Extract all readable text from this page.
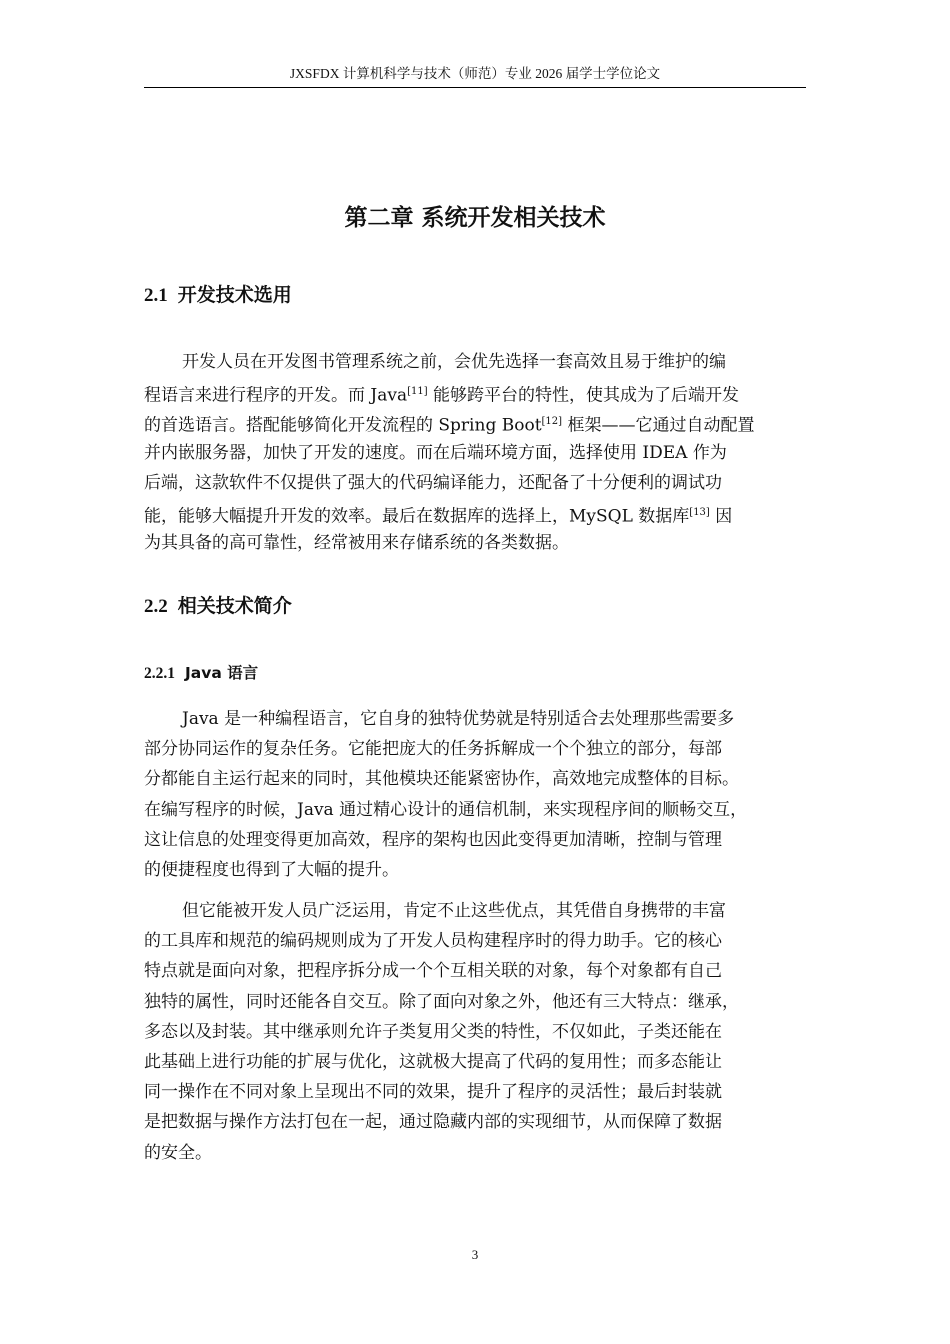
JXSFDX 计算机科学与技术（师范）专业 2026 届学士学位论文
第二章 系统开发相关技术
2.1 开发技术选用
开发人员在开发图书管理系统之前，会优先选择一套高效且易于维护的编
程语言来进行程序的开发。而 Java[11] 能够跨平台的特性，使其成为了后端开发
的首选语言。搭配能够简化开发流程的 Spring Boot[12] 框架——它通过自动配置
并内嵌服务器，加快了开发的速度。而在后端环境方面，选择使用 IDEA 作为
后端，这款软件不仅提供了强大的代码编译能力，还配备了十分便利的调试功
能，能够大幅提升开发的效率。最后在数据库的选择上，MySQL 数据库[13] 因
为其具备的高可靠性，经常被用来存储系统的各类数据。
2.2 相关技术简介
2.2.1 Java 语言
Java 是一种编程语言，它自身的独特优势就是特别适合去处理那些需要多
部分协同运作的复杂任务。它能把庞大的任务拆解成一个个独立的部分，每部
分都能自主运行起来的同时，其他模块还能紧密协作，高效地完成整体的目标。
在编写程序的时候，Java 通过精心设计的通信机制，来实现程序间的顺畅交互，
这让信息的处理变得更加高效，程序的架构也因此变得更加清晰，控制与管理
的便捷程度也得到了大幅的提升。
但它能被开发人员广泛运用，肯定不止这些优点，其凭借自身携带的丰富
的工具库和规范的编码规则成为了开发人员构建程序时的得力助手。它的核心
特点就是面向对象，把程序拆分成一个个互相关联的对象，每个对象都有自己
独特的属性，同时还能各自交互。除了面向对象之外，他还有三大特点：继承，
多态以及封装。其中继承则允许子类复用父类的特性，不仅如此，子类还能在
此基础上进行功能的扩展与优化，这就极大提高了代码的复用性；而多态能让
同一操作在不同对象上呈现出不同的效果，提升了程序的灵活性；最后封装就
是把数据与操作方法打包在一起，通过隐藏内部的实现细节，从而保障了数据
的安全。
3
